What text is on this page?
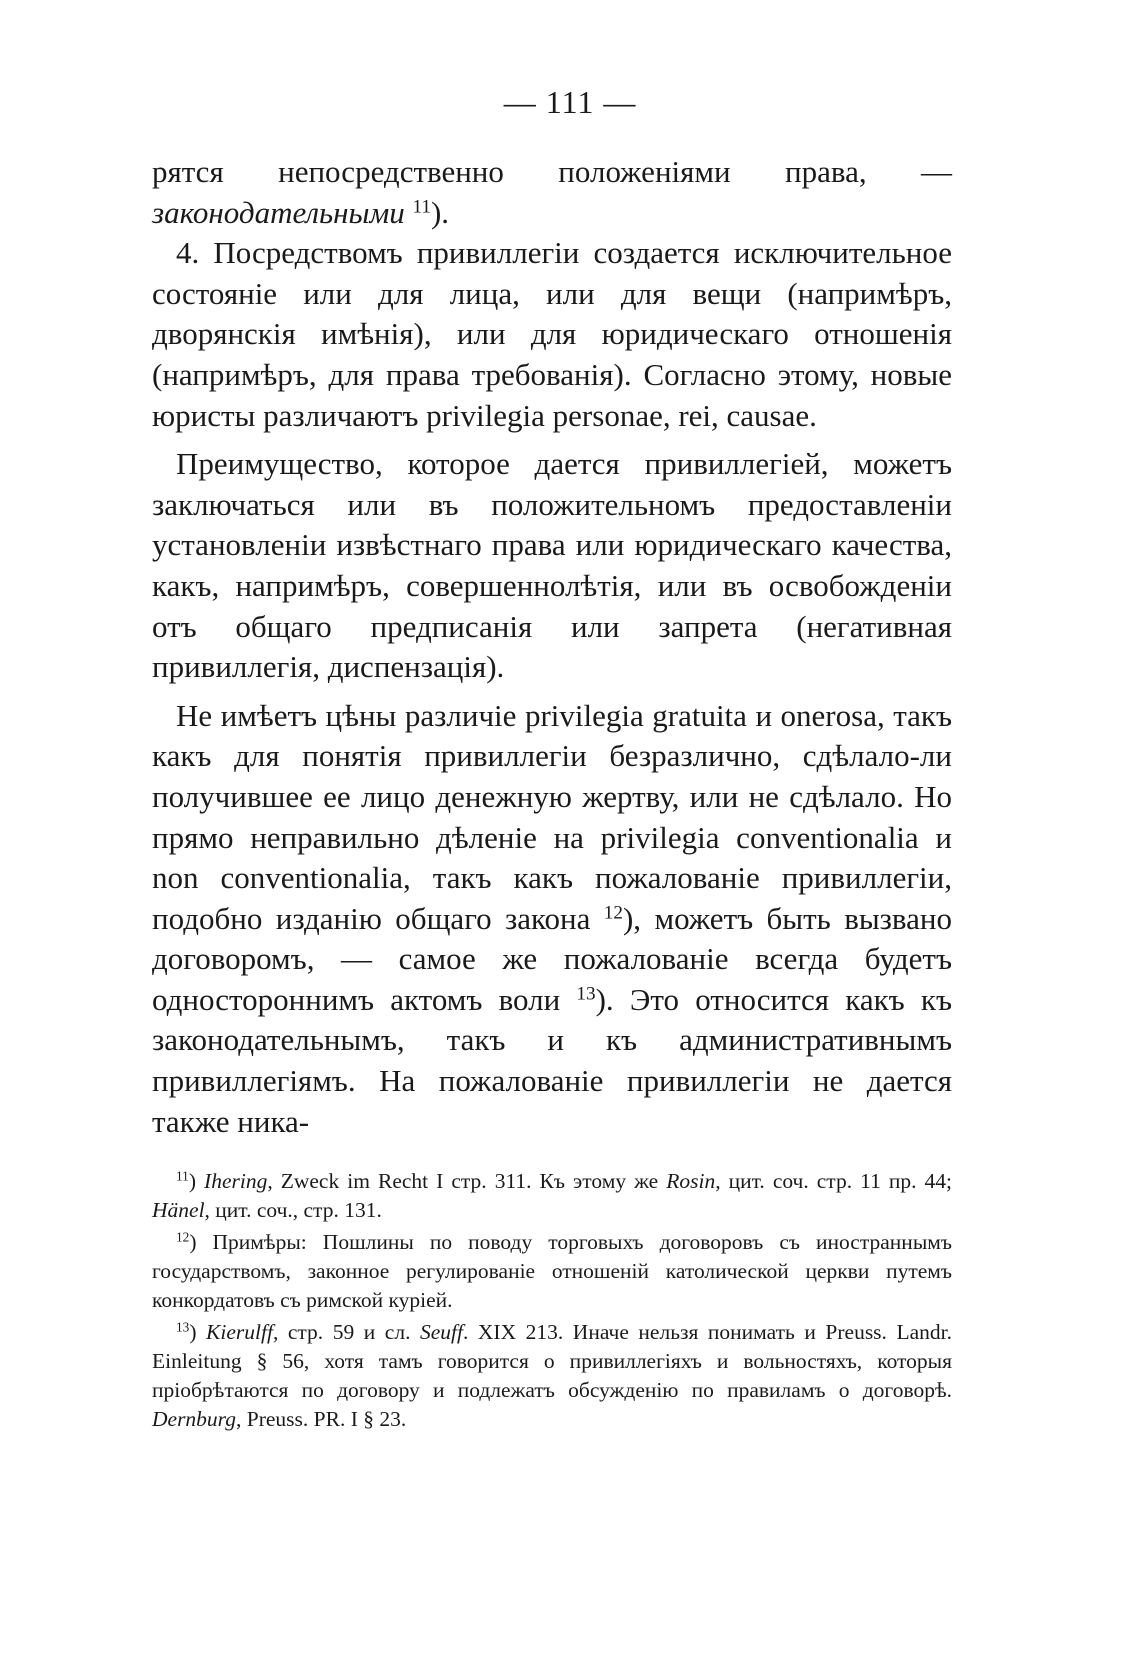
— 111 —

рятся непосредственно положеніями права, — законодательными $^{11}$).

4. Посредствомъ привиллегіи создается исключительное состояніе или для лица, или для вещи (напримѣръ, дворянскія имѣнія), или для юридическаго отношенія (напримѣръ, для права требованія). Согласно этому, новые юристы различаютъ privilegia personae, rei, causae.

Преимущество, которое дается привиллегіей, можетъ заключаться или въ положительномъ предоставленіи установленіи извѣстнаго права или юридическаго качества, какъ, напримѣръ, совершеннолѣтія, или въ освобожденіи отъ общаго предписанія или запрета (негативная привиллегія, диспензація).

Не имѣетъ цѣны различіе privilegia gratuita и onerosa, такъ какъ для понятія привиллегіи безразлично, сдѣлало-ли получившее ее лицо денежную жертву, или не сдѣлало. Но прямо неправильно дѣленіе на privilegia conventionalia и non conventionalia, такъ какъ пожалованіе привиллегіи, подобно изданію общаго закона $^{12}$), можетъ быть вызвано договоромъ, — самое же пожалованіе всегда будетъ одностороннимъ актомъ воли $^{13}$). Это относится какъ къ законодательнымъ, такъ и къ административнымъ привиллегіямъ. На пожалованіе привиллегіи не дается также ника-

$^{11}$) Ihering, Zweck im Recht I стр. 311. Къ этому же Rosin, цит. соч. стр. 11 пр. 44; Hänel, цит. соч., стр. 131.

$^{12}$) Примѣры: Пошлины по поводу торговыхъ договоровъ съ иностраннымъ государствомъ, законное регулированіе отношеній католической церкви путемъ конкордатовъ съ римской куріей.

$^{13}$) Kierulff, стр. 59 и сл. Seuff. XIX 213. Иначе нельзя понимать и Preuss. Landr. Einleitung § 56, хотя тамъ говорится о привиллегіяхъ и вольностяхъ, которыя пріобрѣтаются по договору и подлежатъ обсужденію по правиламъ о договорѣ. Dernburg, Preuss. PR. I § 23.
